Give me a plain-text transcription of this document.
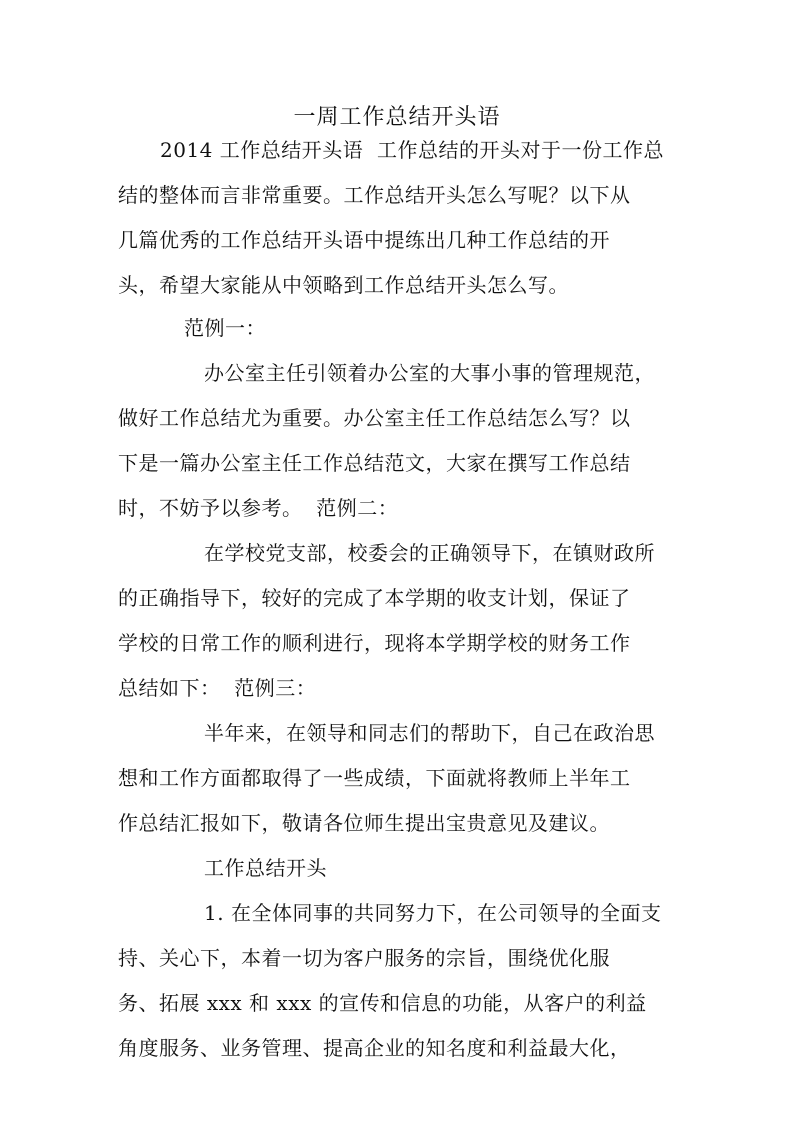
一周工作总结开头语
2014 工作总结开头语  工作总结的开头对于一份工作总
结的整体而言非常重要。工作总结开头怎么写呢？以下从
几篇优秀的工作总结开头语中提练出几种工作总结的开
头，希望大家能从中领略到工作总结开头怎么写。
范例一：
办公室主任引领着办公室的大事小事的管理规范，
做好工作总结尤为重要。办公室主任工作总结怎么写？以
下是一篇办公室主任工作总结范文，大家在撰写工作总结
时，不妨予以参考。  范例二：
在学校党支部，校委会的正确领导下，在镇财政所
的正确指导下，较好的完成了本学期的收支计划，保证了
学校的日常工作的顺利进行，现将本学期学校的财务工作
总结如下：  范例三：
半年来，在领导和同志们的帮助下，自己在政治思
想和工作方面都取得了一些成绩，下面就将教师上半年工
作总结汇报如下，敬请各位师生提出宝贵意见及建议。
工作总结开头
1. 在全体同事的共同努力下，在公司领导的全面支
持、关心下，本着一切为客户服务的宗旨，围绕优化服
务、拓展 xxx 和 xxx 的宣传和信息的功能，从客户的利益
角度服务、业务管理、提高企业的知名度和利益最大化，
